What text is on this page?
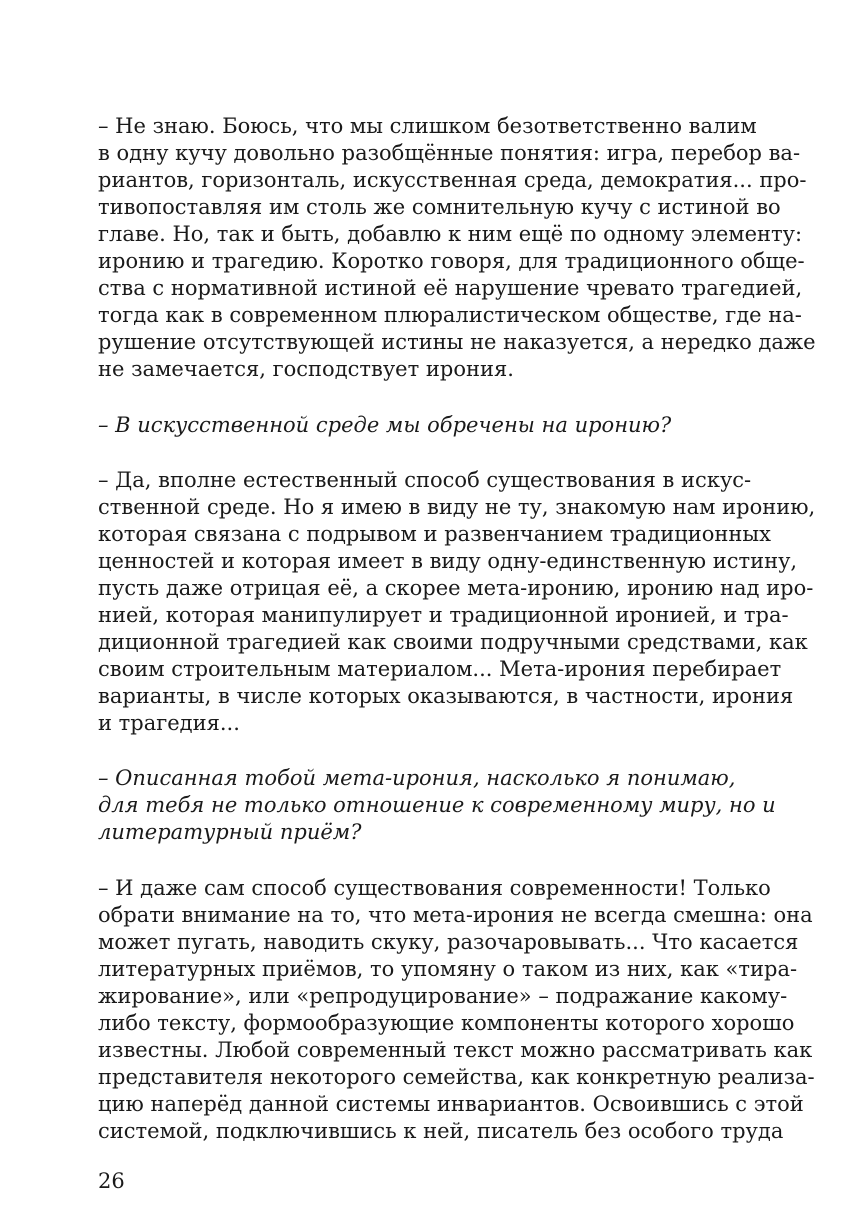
– Не знаю. Боюсь, что мы слишком безответственно валим
в одну кучу довольно разобщённые понятия: игра, перебор ва-
риантов, горизонталь, искусственная среда, демократия... про-
тивопоставляя им столь же сомнительную кучу с истиной во
главе. Но, так и быть, добавлю к ним ещё по одному элементу:
иронию и трагедию. Коротко говоря, для традиционного обще-
ства с нормативной истиной её нарушение чревато трагедией,
тогда как в современном плюралистическом обществе, где на-
рушение отсутствующей истины не наказуется, а нередко даже
не замечается, господствует ирония.
– В искусственной среде мы обречены на иронию?
– Да, вполне естественный способ существования в искус-
ственной среде. Но я имею в виду не ту, знакомую нам иронию,
которая связана с подрывом и развенчанием традиционных
ценностей и которая имеет в виду одну-единственную истину,
пусть даже отрицая её, а скорее мета-иронию, иронию над иро-
нией, которая манипулирует и традиционной иронией, и тра-
диционной трагедией как своими подручными средствами, как
своим строительным материалом... Мета-ирония перебирает
варианты, в числе которых оказываются, в частности, ирония
и трагедия...
– Описанная тобой мета-ирония, насколько я понимаю,
для тебя не только отношение к современному миру, но и
литературный приём?
– И даже сам способ существования современности! Только
обрати внимание на то, что мета-ирония не всегда смешна: она
может пугать, наводить скуку, разочаровывать... Что касается
литературных приёмов, то упомяну о таком из них, как «тира-
жирование», или «репродуцирование» – подражание какому-
либо тексту, формообразующие компоненты которого хорошо
известны. Любой современный текст можно рассматривать как
представителя некоторого семейства, как конкретную реализа-
цию наперёд данной системы инвариантов. Освоившись с этой
системой, подключившись к ней, писатель без особого труда
26
